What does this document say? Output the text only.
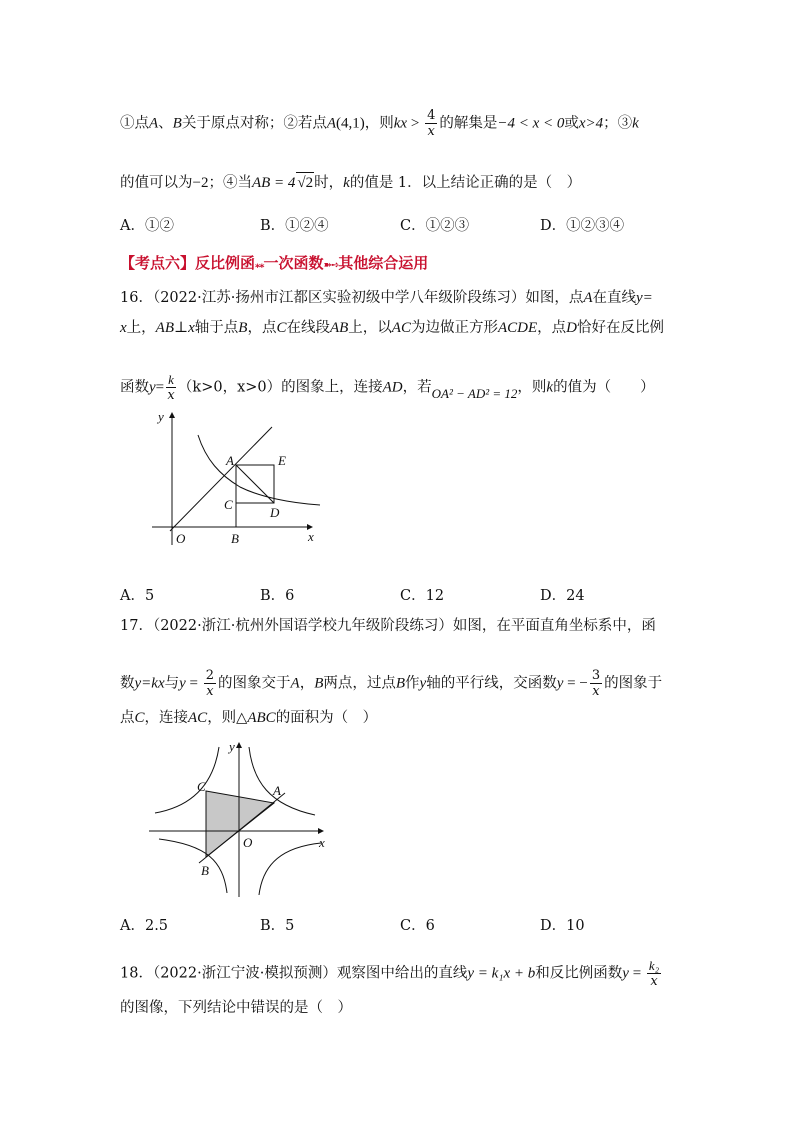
①点A、B关于原点对称；②若点A(4,1)，则kx > $\frac{4}{x}$ 的解集是−4 < x < 0或x>4；③k
的值可以为−2；④当AB = 4 √2时，k的值是 1．以上结论正确的是（　）
A．①②	B．①②④	C．①②③	D．①②③④
【考点六】反比例函⁎⁎一次函数➽➺其他综合运用
16．（2022·江苏·扬州市江都区实验初级中学八年级阶段练习）如图，点A在直线y=
x上，AB⊥x轴于点B，点C在线段AB上，以AC为边做正方形ACDE，点D恰好在反比例
函数$y= \frac{k}{x} (k>0$，x>0）的图象上，连接AD，若OA² − AD² = 12，则k的值为（　　）
y
x
O
A
B
C
D
E
A．5	B．6	C．12	D．24
17．（2022·浙江·杭州外国语学校九年级阶段练习）如图，在平面直角坐标系中，函
数y=kx与$y = \frac{2}{x}$ 的图象交于A，B两点，过点B作y轴的平行线，交函数y = − $\frac{3}{x}$ 的图象于
点C，连接AC，则△ABC的面积为（　）
y
x
O
A
B
C
A．2.5	B．5	C．6	D．10
18．（2022·浙江宁波·模拟预测）观察图中给出的直线y = k₁x + b和反比例函数$y = \frac{\text{k₂}}{x}$
的图像，下列结论中错误的是（　）
